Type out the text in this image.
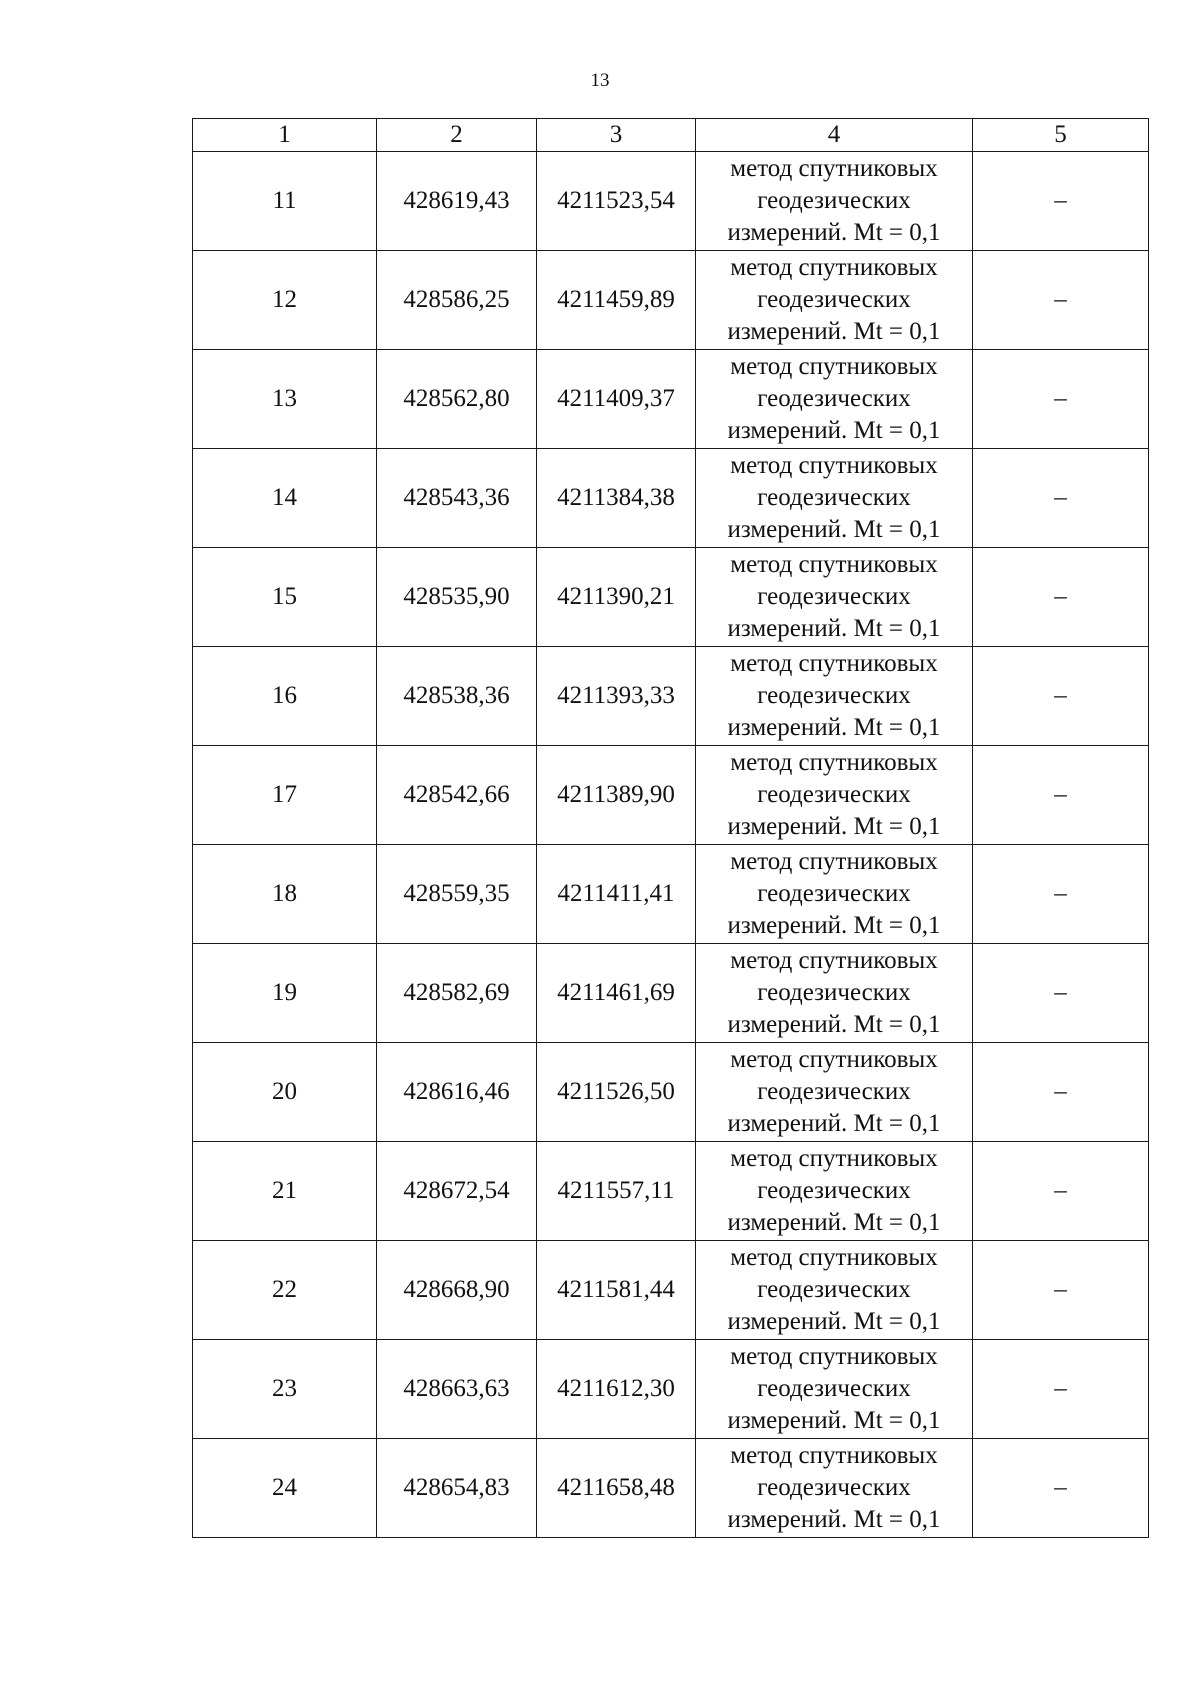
13
1	2	3	4	5
11	428619,43	4211523,54	метод спутниковых
геодезических
измерений. Mt = 0,1	–
12	428586,25	4211459,89	метод спутниковых
геодезических
измерений. Mt = 0,1	–
13	428562,80	4211409,37	метод спутниковых
геодезических
измерений. Mt = 0,1	–
14	428543,36	4211384,38	метод спутниковых
геодезических
измерений. Mt = 0,1	–
15	428535,90	4211390,21	метод спутниковых
геодезических
измерений. Mt = 0,1	–
16	428538,36	4211393,33	метод спутниковых
геодезических
измерений. Mt = 0,1	–
17	428542,66	4211389,90	метод спутниковых
геодезических
измерений. Mt = 0,1	–
18	428559,35	4211411,41	метод спутниковых
геодезических
измерений. Mt = 0,1	–
19	428582,69	4211461,69	метод спутниковых
геодезических
измерений. Mt = 0,1	–
20	428616,46	4211526,50	метод спутниковых
геодезических
измерений. Mt = 0,1	–
21	428672,54	4211557,11	метод спутниковых
геодезических
измерений. Mt = 0,1	–
22	428668,90	4211581,44	метод спутниковых
геодезических
измерений. Mt = 0,1	–
23	428663,63	4211612,30	метод спутниковых
геодезических
измерений. Mt = 0,1	–
24	428654,83	4211658,48	метод спутниковых
геодезических
измерений. Mt = 0,1	–
